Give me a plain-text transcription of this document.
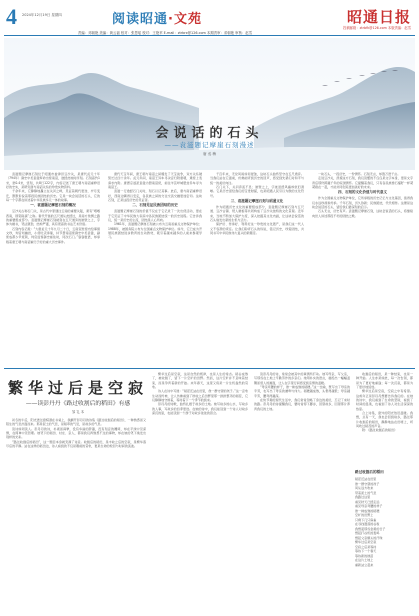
4 2024年12月19日 星期四	阅读昭通·文苑	昭通日报
投稿邮箱：ztrbfk@126.com 本版责编：赵雪
责编：邓朝艳 美编：黄云福 校对：张思瑶 校对：王艳苹 E-mail：ztrbrx@126.com 本期责审：邓朝艳 审核：赵雪
会说话的石头
——袁滋题记摩崖石刻漫述
唐 丞 梅

袁滋题记摩崖石刻位于昭通市盐津县豆沙关，是唐代贞元十年（794年）御史中丞袁滋奉命出使南诏，途经此地时所刻。石刻高约1米，宽0.4米，竖刻，共8行122字，内容记述了唐王朝与南诏重修旧好的史实，是研究唐与南诏关系的珍贵实物资料。

千余年来，它静静地矗立在关河之畔，见证着朝代更迭、岁月变迁，默默诉说着那段民族团结的历史。它是一块会说话的石头，它的每一个字都在讲述着中华民族多元一体的故事。

一、袁滋题记摩崖石刻的概况

豆沙关古称石门关，是古代中原通往云南的重要关隘，素有“咽喉西南，锁钥南滇”之称。秦代开凿的五尺道从此经过，是南方丝绸之路的重要组成部分。袁滋题记摩崖石刻就刻在五尺道旁的崖壁之上，字体为楷书，笔法遒劲，结构严谨，具有很高的书法艺术价值。

石刻内容记载：“大唐贞元十年九月二十日，云南宣慰使内给事俱文珍，判官刘幽岩，小使吐突承璀，持节册南诏使御史中丞袁滋，副使成都少尹庞颀，判官监察御史崔佐时，同次石门。”寥寥数语，却承载着唐王朝与南诏重归于好的重大历史事件。

唐代天宝年间，唐王朝与南诏之间爆发了天宝战争，双方关系破裂长达四十余年。贞元年间，南诏王异牟寻决意归附唐朝，遣使上表请求内附。唐德宗遂派袁滋为册南诏使，前往羊苴咩城册封异牟寻为南诏王。

袁滋一行途经石门关时，刻石以记其事。此后，唐与南诏重修旧好，西南边疆得以安定，各民族之间的交往交流交融更加密切。这块石刻，正是这段历史的见证者。

二、石刻见证民族团结的历史

袁滋题记摩崖石刻的价值不仅在于它记录了一次出使活动，更在于它见证了中华民族大家庭中各民族团结统一的历史进程。它告诉我们，统一是历史的主流，团结是人心所向。

1961年，袁滋题记摩崖石刻被公布为云南省重点文物保护单位；1988年，被国务院公布为全国重点文物保护单位。如今，它已成为开展民族团结进步教育的生动教材，吸引着越来越多的人前来参观学习。

千百年来，无论风雨如何侵蚀，这块石头始终坚守在五尺道旁。当我们站在它面前，仿佛能听到历史的回声，感受到先辈们对和平与统一的美好向往。

石门关下，关河奔流不息；崖壁之上，字迹虽经风霜却依旧清晰。它是历史留给我们的宝贵财富，也是昭通人民引以为傲的文化符号。

三、袁滋题记摩崖石刻与昭通文化

作为昭通历史文化的重要组成部分，袁滋题记摩崖石刻与五尺道、豆沙古镇、僰人悬棺等共同构成了豆沙关独特的文化景观。近年来，当地不断加大保护力度，深入挖掘其文化内涵，让这块会说话的石头焕发出新的生机与活力。

保护好、传承好、利用好这一珍贵的文化遗产，是我们这一代人义不容辞的责任。让我们聆听石头的诉说，铭记历史，珍爱团结，共同书写中华民族伟大复兴的新篇章。

一块石头，一段历史，一份情怀。石刻无言，却胜万语千言。

走进豆沙关，抚摸这方石刻，我们读懂的不仅仅是文字本身，更是文字背后那份跨越千年的家国情怀。它提醒着我们，只有各民族像石榴籽一样紧紧抱在一起，才能共同创造更加美好的未来。

四、石刻的文化价值与时代意义

作为全国重点文物保护单位，它所承载的历史记忆与文化基因，值得我们永远珍视和传承。千年石刻，历久弥新；民族团结，代代相传。这便是这块会说话的石头，留给我们最深刻的启示。

石头无言，历史有声。袁滋题记摩崖石刻，这块会说话的石头，将继续向世人讲述那段不朽的团结之歌。

繁华过后是空寂
——读彭丹丹《路过收割后的稻田》有感
邹 礼 本

初冬的午后，阳光透过窗棂洒在书桌上，我翻开彭丹丹的诗集《路过收割后的稻田》，一种熟悉而又陌生的气息扑面而来。那是泥土的气息，是稻草的气息，是故乡的气息。

读诗如同读人。彭丹丹的诗，朴素而真挚，没有华丽的辞藻，没有刻意的雕琢，却在平淡中见深情，在简单中见哲理。她笔下的稻田、村庄、亲人，都是我们再熟悉不过的事物，却在她的笔下焕发出别样的光彩。

“路过收割后的稻田”，这一题目本身就充满了诗意。收割后的稻田，是丰收之后的空寂，是繁华落尽后的平静。站在这样的稻田边，诗人看到的不仅是眼前的景象，更是生命的轮回与时间的流逝。

繁华过后是空寂，这是自然的规律，也是人生的常态。稻谷成熟了，被收割了，留下一片空旷的田野。然而，这片空旷并不意味着结束，而是孕育着新的开始。来年春天，这里又将是一片生机盎然的景象。

诗人在诗中写道：“稻茬还站在田里，像一群守望的孩子。”这一意象生动而传神，让人仿佛看到了秋收之后田野里那一排排整齐的稻茬，它们静静地守候着，等待着下一个季节的到来。

彭丹丹的诗歌，始终扎根于故乡的土地。她写故乡的山水，写故乡的人事，写故乡的四季更迭。在她的诗中，我们能读到一个诗人对故乡深沉的爱，也能读到一个游子对故乡浓浓的思念。

读彭丹丹的诗，常常会被其中的真情所打动。她写母亲，写父亲，写那些在土地上辛勤劳作的乡亲们。她用朴实的语言，描绘出一幅幅温馨而感人的画面，让人在字里行间感受到亲情的温暖。

“母亲弯腰的样子，像一株成熟的稻穗。”这一比喻，既写出了母亲的辛劳，也写出了母亲的谦卑与伟大。稻穗越成熟，头垂得越低；母亲越辛劳，腰弯得越深。

在快节奏的现代生活中，我们常常忽略了身边的美好，忘记了来时的路。彭丹丹的诗提醒我们，要时常停下脚步，回望故乡，回望那片养育我们的土地。

收割后的稻田，是一种结束，也是一种开始。人生亦是如此，每一次告别，都是为了更好地重逢；每一次沉寂，都是为了更好地绽放。

繁华过后是空寂，空寂之中有希望。这或许正是彭丹丹想要告诉我们的。在她的诗中，我们看到了生命的坚韧，看到了时间的温柔，也看到了诗人对生活深深的热爱。

合上诗集，窗外的阳光依旧温暖。我想，总有一天，我也会回到故乡，路过那片收割后的稻田，静静地站在田埂上，听风吹过稻茬的声音。

附：《路过收割后的稻田》

路过收割后的稻田
稻茬还站在田里
像一群守望的孩子
风从远方吹来
带着泥土的气息
我路过这里
看见秋天已经走远
看见母亲弯腰的样子
像一株成熟的稻穗
空旷的田野上
只剩下几只麻雀
在寻找遗落的谷粒
我想起那些金黄的日子
想起打谷机的轰鸣
想起父亲额头的汗珠
繁华过后是空寂
空寂之后是等待
等待下一个春天
等待新的秧苗
在这片土地上
重新站立起来
